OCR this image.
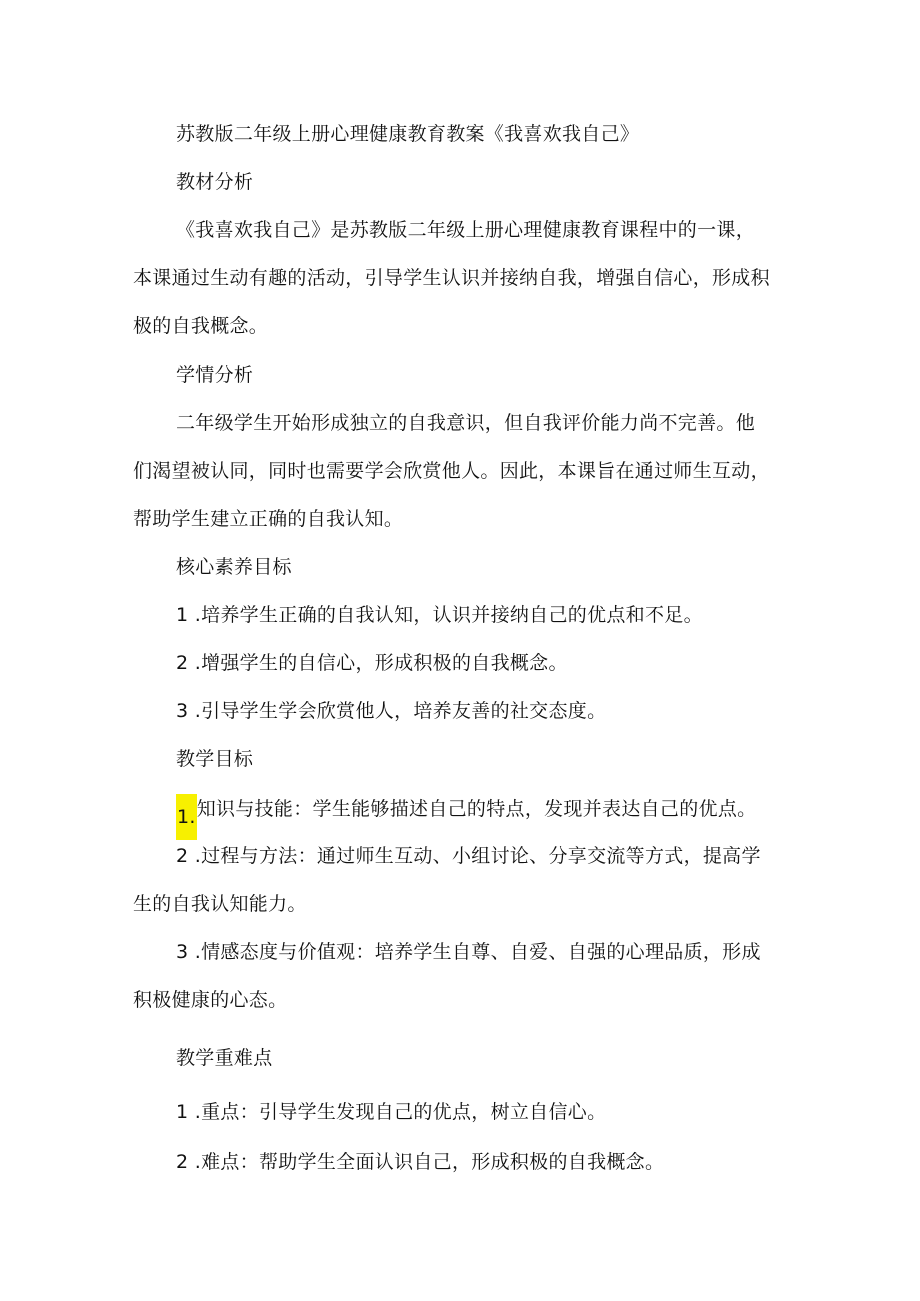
苏教版二年级上册心理健康教育教案《我喜欢我自己》
教材分析
《我喜欢我自己》是苏教版二年级上册心理健康教育课程中的一课，
本课通过生动有趣的活动，引导学生认识并接纳自我，增强自信心，形成积
极的自我概念。
学情分析
二年级学生开始形成独立的自我意识，但自我评价能力尚不完善。他
们渴望被认同，同时也需要学会欣赏他人。因此，本课旨在通过师生互动，
帮助学生建立正确的自我认知。
核心素养目标
1 .培养学生正确的自我认知，认识并接纳自己的优点和不足。
2 .增强学生的自信心，形成积极的自我概念。
3 .引导学生学会欣赏他人，培养友善的社交态度。
教学目标
1.知识与技能：学生能够描述自己的特点，发现并表达自己的优点。
2 .过程与方法：通过师生互动、小组讨论、分享交流等方式，提高学
生的自我认知能力。
3 .情感态度与价值观：培养学生自尊、自爱、自强的心理品质，形成
积极健康的心态。
教学重难点
1 .重点：引导学生发现自己的优点，树立自信心。
2 .难点：帮助学生全面认识自己，形成积极的自我概念。
